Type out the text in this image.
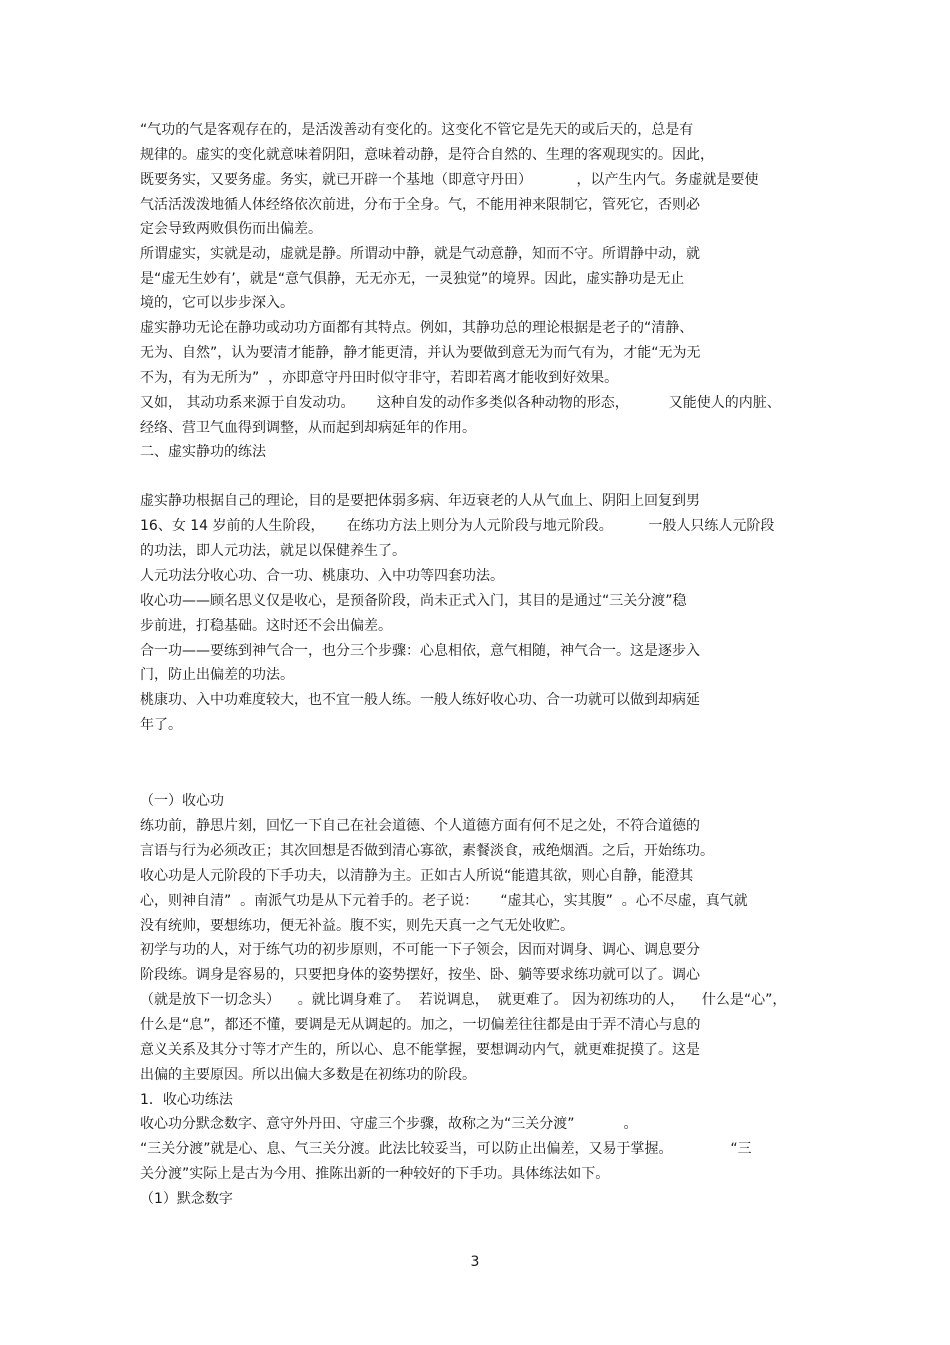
“气功的气是客观存在的，是活泼善动有变化的。这变化不管它是先天的或后天的，总是有
规律的。虚实的变化就意味着阴阳，意味着动静，是符合自然的、生理的客观现实的。因此，
既要务实，又要务虚。务实，就已开辟一个基地（即意守丹田）          ，以产生内气。务虚就是要使
气活活泼泼地循人体经络依次前进，分布于全身。气，不能用神来限制它，管死它，否则必
定会导致两败俱伤而出偏差。
所谓虚实，实就是动，虚就是静。所谓动中静，就是气动意静，知而不守。所谓静中动，就
是“虚无生妙有’，就是“意气俱静，无无亦无，一灵独觉”的境界。因此，虚实静功是无止
境的，它可以步步深入。
虚实静功无论在静功或动功方面都有其特点。例如，其静功总的理论根据是老子的“清静、
无为、自然”，认为要清才能静，静才能更清，并认为要做到意无为而气有为，才能“无为无
不为，有为无所为”  ，亦即意守丹田时似守非守，若即若离才能收到好效果。
又如， 其动功系来源于自发动功。     这种自发的动作多类似各种动物的形态，         又能使人的内脏、
经络、营卫气血得到调整，从而起到却病延年的作用。
二、虚实静功的练法
虚实静功根据自己的理论，目的是要把体弱多病、年迈衰老的人从气血上、阴阳上回复到男
16、女 14 岁前的人生阶段，     在练功方法上则分为人元阶段与地元阶段。        一般人只练人元阶段
的功法，即人元功法，就足以保健养生了。
人元功法分收心功、合一功、桃康功、入中功等四套功法。
收心功——顾名思义仅是收心，是预备阶段，尚未正式入门，其目的是通过“三关分渡”稳
步前进，打稳基础。这时还不会出偏差。
合一功——要练到神气合一，也分三个步骤：心息相依，意气相随，神气合一。这是逐步入
门，防止出偏差的功法。
桃康功、入中功难度较大，也不宜一般人练。一般人练好收心功、合一功就可以做到却病延
年了。
（一）收心功
练功前，静思片刻，回忆一下自己在社会道德、个人道德方面有何不足之处，不符合道德的
言语与行为必须改正；其次回想是否做到清心寡欲，素餐淡食，戒绝烟酒。之后，开始练功。
收心功是人元阶段的下手功夫，以清静为主。正如古人所说“能遣其欲，则心自静，能澄其
心，则神自清”  。南派气功是从下元着手的。老子说：     “虚其心，实其腹”  。心不尽虚，真气就
没有统帅，要想练功，便无补益。腹不实，则先天真一之气无处收贮。
初学与功的人，对于练气功的初步原则，不可能一下子领会，因而对调身、调心、调息要分
阶段练。调身是容易的，只要把身体的姿势摆好，按坐、卧、躺等要求练功就可以了。调心
（就是放下一切念头）    。就比调身难了。  若说调息，  就更难了。 因为初练功的人，    什么是“心”，
什么是“息”，都还不懂，要调是无从调起的。加之，一切偏差往往都是由于弄不清心与息的
意义关系及其分寸等才产生的，所以心、息不能掌握，要想调动内气，就更难捉摸了。这是
出偏的主要原因。所以出偏大多数是在初练功的阶段。
1．收心功练法
收心功分默念数字、意守外丹田、守虚三个步骤，故称之为“三关分渡”           。
“三关分渡”就是心、息、气三关分渡。此法比较妥当，可以防止出偏差，又易于掌握。             “三
关分渡”实际上是古为今用、推陈出新的一种较好的下手功。具体练法如下。
（1）默念数字
3
